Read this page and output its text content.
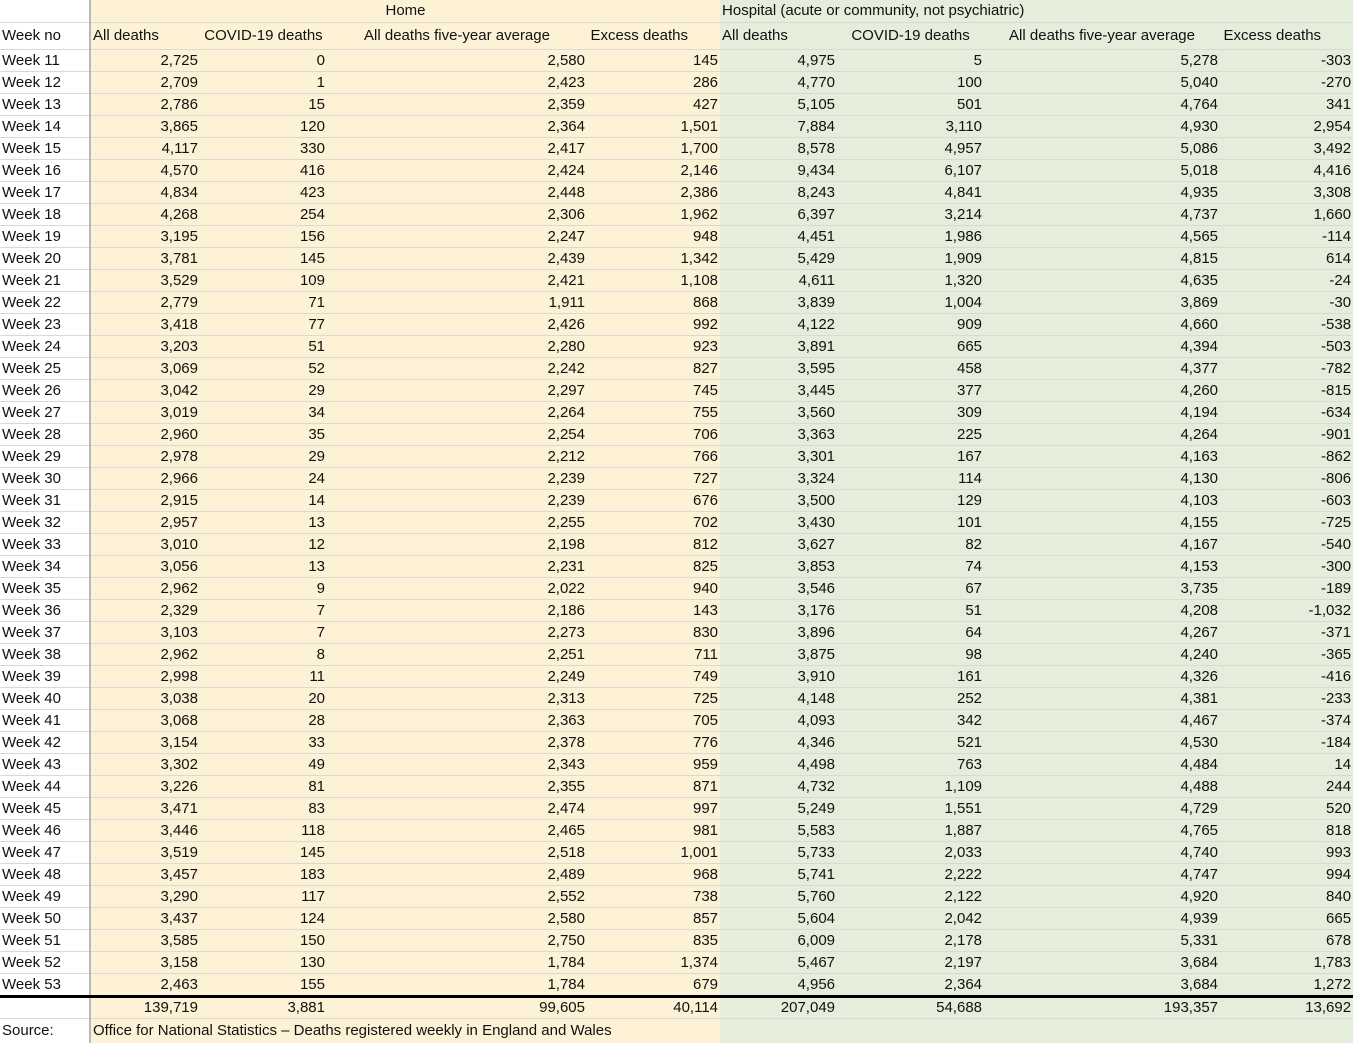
	Home				Hospital (acute or community, not psychiatric)			
Week no	All deaths	COVID-19 deaths	All deaths five-year average	Excess deaths	All deaths	COVID-19 deaths	All deaths five-year average	Excess deaths
Week 11	2,725	0	2,580	145	4,975	5	5,278	-303
Week 12	2,709	1	2,423	286	4,770	100	5,040	-270
Week 13	2,786	15	2,359	427	5,105	501	4,764	341
Week 14	3,865	120	2,364	1,501	7,884	3,110	4,930	2,954
Week 15	4,117	330	2,417	1,700	8,578	4,957	5,086	3,492
Week 16	4,570	416	2,424	2,146	9,434	6,107	5,018	4,416
Week 17	4,834	423	2,448	2,386	8,243	4,841	4,935	3,308
Week 18	4,268	254	2,306	1,962	6,397	3,214	4,737	1,660
Week 19	3,195	156	2,247	948	4,451	1,986	4,565	-114
Week 20	3,781	145	2,439	1,342	5,429	1,909	4,815	614
Week 21	3,529	109	2,421	1,108	4,611	1,320	4,635	-24
Week 22	2,779	71	1,911	868	3,839	1,004	3,869	-30
Week 23	3,418	77	2,426	992	4,122	909	4,660	-538
Week 24	3,203	51	2,280	923	3,891	665	4,394	-503
Week 25	3,069	52	2,242	827	3,595	458	4,377	-782
Week 26	3,042	29	2,297	745	3,445	377	4,260	-815
Week 27	3,019	34	2,264	755	3,560	309	4,194	-634
Week 28	2,960	35	2,254	706	3,363	225	4,264	-901
Week 29	2,978	29	2,212	766	3,301	167	4,163	-862
Week 30	2,966	24	2,239	727	3,324	114	4,130	-806
Week 31	2,915	14	2,239	676	3,500	129	4,103	-603
Week 32	2,957	13	2,255	702	3,430	101	4,155	-725
Week 33	3,010	12	2,198	812	3,627	82	4,167	-540
Week 34	3,056	13	2,231	825	3,853	74	4,153	-300
Week 35	2,962	9	2,022	940	3,546	67	3,735	-189
Week 36	2,329	7	2,186	143	3,176	51	4,208	-1,032
Week 37	3,103	7	2,273	830	3,896	64	4,267	-371
Week 38	2,962	8	2,251	711	3,875	98	4,240	-365
Week 39	2,998	11	2,249	749	3,910	161	4,326	-416
Week 40	3,038	20	2,313	725	4,148	252	4,381	-233
Week 41	3,068	28	2,363	705	4,093	342	4,467	-374
Week 42	3,154	33	2,378	776	4,346	521	4,530	-184
Week 43	3,302	49	2,343	959	4,498	763	4,484	14
Week 44	3,226	81	2,355	871	4,732	1,109	4,488	244
Week 45	3,471	83	2,474	997	5,249	1,551	4,729	520
Week 46	3,446	118	2,465	981	5,583	1,887	4,765	818
Week 47	3,519	145	2,518	1,001	5,733	2,033	4,740	993
Week 48	3,457	183	2,489	968	5,741	2,222	4,747	994
Week 49	3,290	117	2,552	738	5,760	2,122	4,920	840
Week 50	3,437	124	2,580	857	5,604	2,042	4,939	665
Week 51	3,585	150	2,750	835	6,009	2,178	5,331	678
Week 52	3,158	130	1,784	1,374	5,467	2,197	3,684	1,783
Week 53	2,463	155	1,784	679	4,956	2,364	3,684	1,272
	139,719	3,881	99,605	40,114	207,049	54,688	193,357	13,692
Source:	Office for National Statistics – Deaths registered weekly in England and Wales							
